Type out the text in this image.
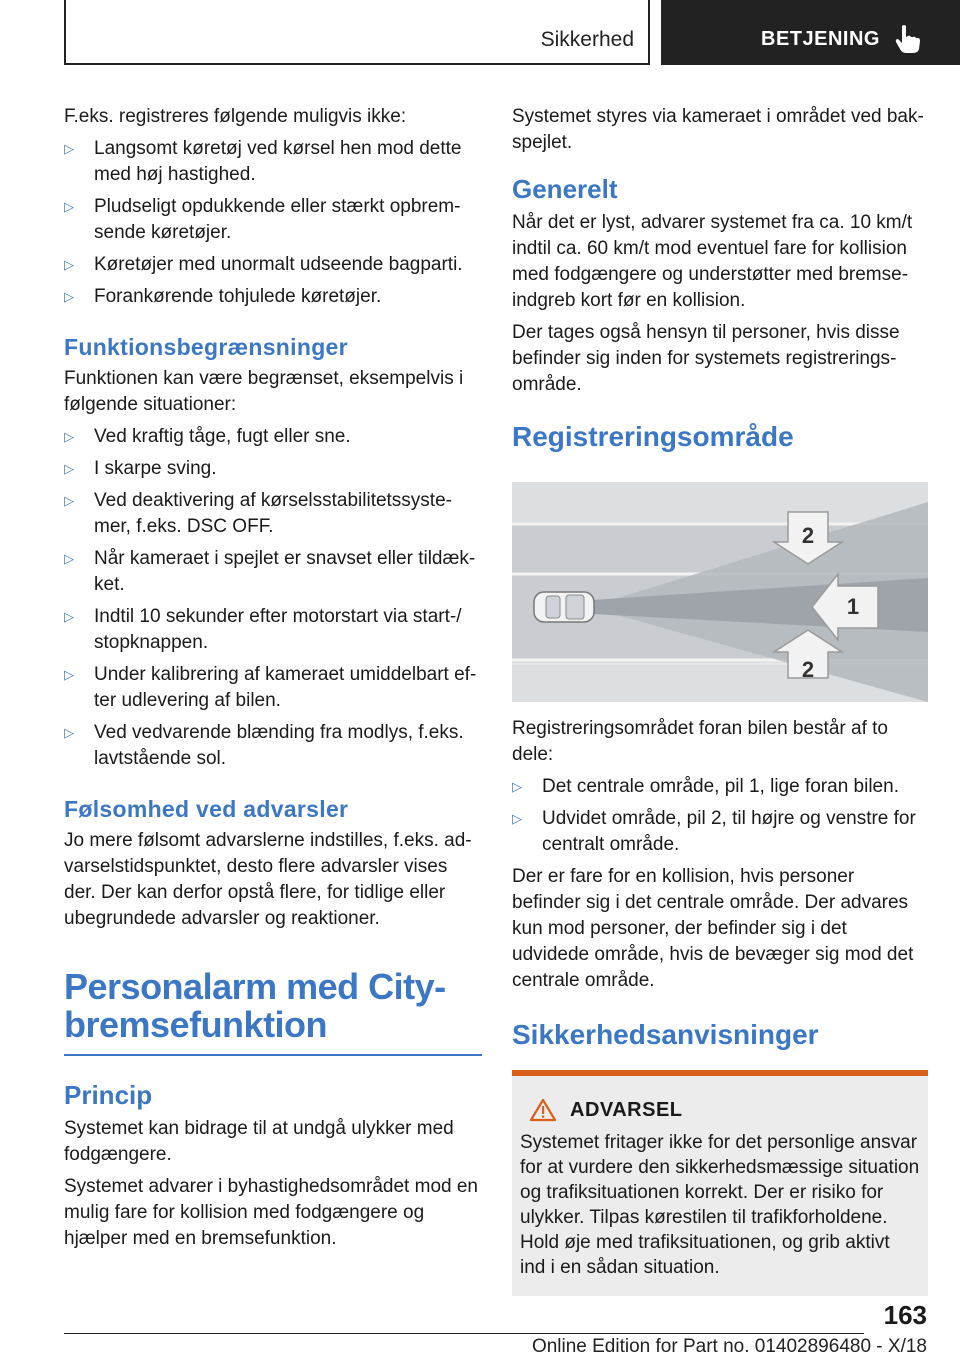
Sikkerhed	BETJENING

F.eks. registreres følgende muligvis ikke:

▷	Langsomt køretøj ved kørsel hen mod dette med høj hastighed.
▷	Pludseligt opdukkende eller stærkt opbremsende køretøjer.
▷	Køretøjer med unormalt udseende bagparti.
▷	Forankørende tohjulede køretøjer.
Funktionsbegrænsninger

Funktionen kan være begrænset, eksempelvis i følgende situationer:

▷	Ved kraftig tåge, fugt eller sne.
▷	I skarpe sving.
▷	Ved deaktivering af kørselsstabilitetssystemer, f.eks. DSC OFF.
▷	Når kameraet i spejlet er snavset eller tildækket.
▷	Indtil 10 sekunder efter motorstart via start-/ stopknappen.
▷	Under kalibrering af kameraet umiddelbart efter udlevering af bilen.
▷	Ved vedvarende blænding fra modlys, f.eks. lavtstående sol.
Følsomhed ved advarsler

Jo mere følsomt advarslerne indstilles, f.eks. advarselstidspunktet, desto flere advarsler vises der. Der kan derfor opstå flere, for tidlige eller ubegrundede advarsler og reaktioner.

Personalarm med City-bremsefunktion
Princip

Systemet kan bidrage til at undgå ulykker med fodgængere.

Systemet advarer i byhastighedsområdet mod en mulig fare for kollision med fodgængere og hjælper med en bremsefunktion.

Systemet styres via kameraet i området ved bakspejlet.

Generelt

Når det er lyst, advarer systemet fra ca. 10 km/t indtil ca. 60 km/t mod eventuel fare for kollision med fodgængere og understøtter med bremseindgreb kort før en kollision.

Der tages også hensyn til personer, hvis disse befinder sig inden for systemets registreringsområde.

Registreringsområde
2
1
2

Registreringsområdet foran bilen består af to dele:

▷	Det centrale område, pil 1, lige foran bilen.
▷	Udvidet område, pil 2, til højre og venstre for centralt område.

Der er fare for en kollision, hvis personer befinder sig i det centrale område. Der advares kun mod personer, der befinder sig i det udvidede område, hvis de bevæger sig mod det centrale område.

Sikkerhedsanvisninger
ADVARSEL

Systemet fritager ikke for det personlige ansvar for at vurdere den sikkerhedsmæssige situation og trafiksituationen korrekt. Der er risiko for ulykker. Tilpas kørestilen til trafikforholdene. Hold øje med trafiksituationen, og grib aktivt ind i en sådan situation.

163
Online Edition for Part no. 01402896480 - X/18
